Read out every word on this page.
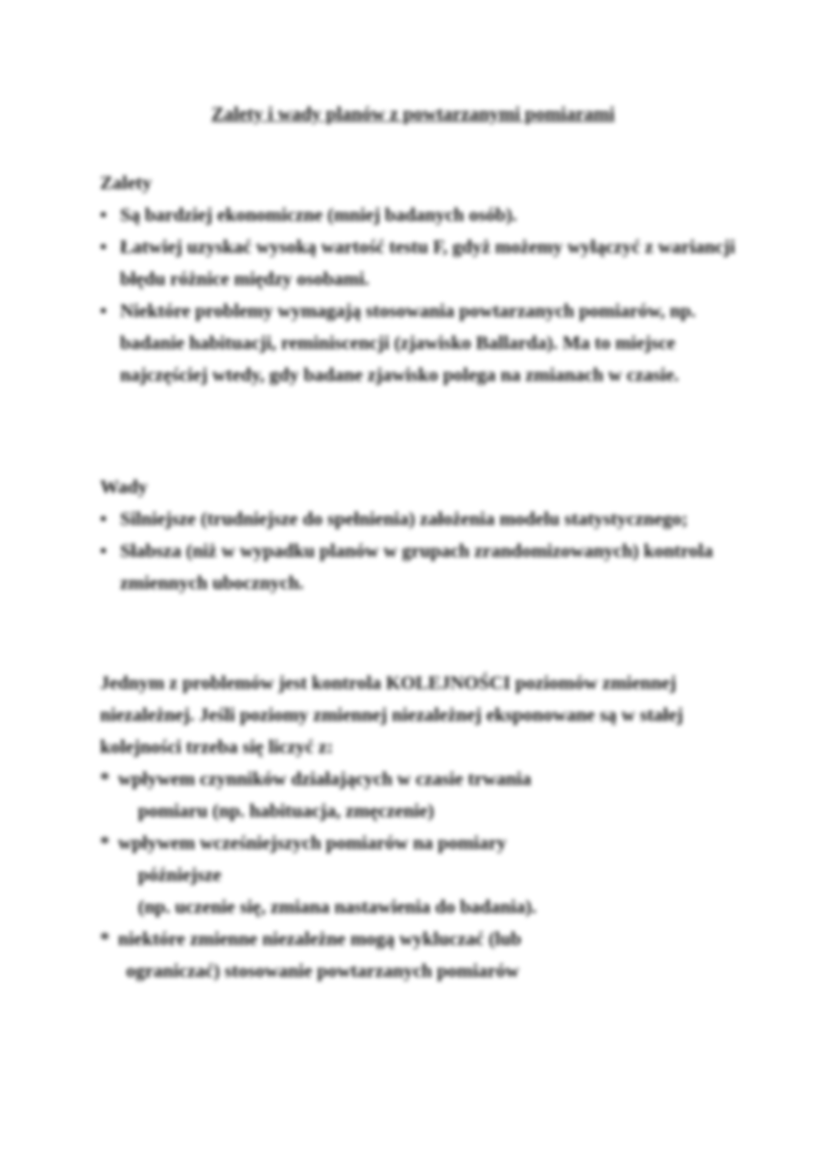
Zalety i wady planów z powtarzanymi pomiarami
Zalety
• Są bardziej ekonomiczne (mniej badanych osób).
• Łatwiej uzyskać wysoką wartość testu F, gdyż możemy wyłączyć z wariancji błędu różnice między osobami.
• Niektóre problemy wymagają stosowania powtarzanych pomiarów, np. badanie habituacji, reminiscencji (zjawisko Ballarda). Ma to miejsce najczęściej wtedy, gdy badane zjawisko polega na zmianach w czasie.
Wady
• Silniejsze (trudniejsze do spełnienia) założenia modelu statystycznego;
• Słabsza (niż w wypadku planów w grupach zrandomizowanych) kontrola zmiennych ubocznych.
Jednym z problemów jest kontrola KOLEJNOŚCI poziomów zmiennej niezależnej. Jeśli poziomy zmiennej niezależnej eksponowane są w stałej kolejności trzeba się liczyć z:
* wpływem czynników działających w czasie trwania
pomiaru (np. habituacja, zmęczenie)
* wpływem wcześniejszych pomiarów na pomiary
późniejsze
(np. uczenie się, zmiana nastawienia do badania).
* niektóre zmienne niezależne mogą wykluczać (lub
ograniczać) stosowanie powtarzanych pomiarów
